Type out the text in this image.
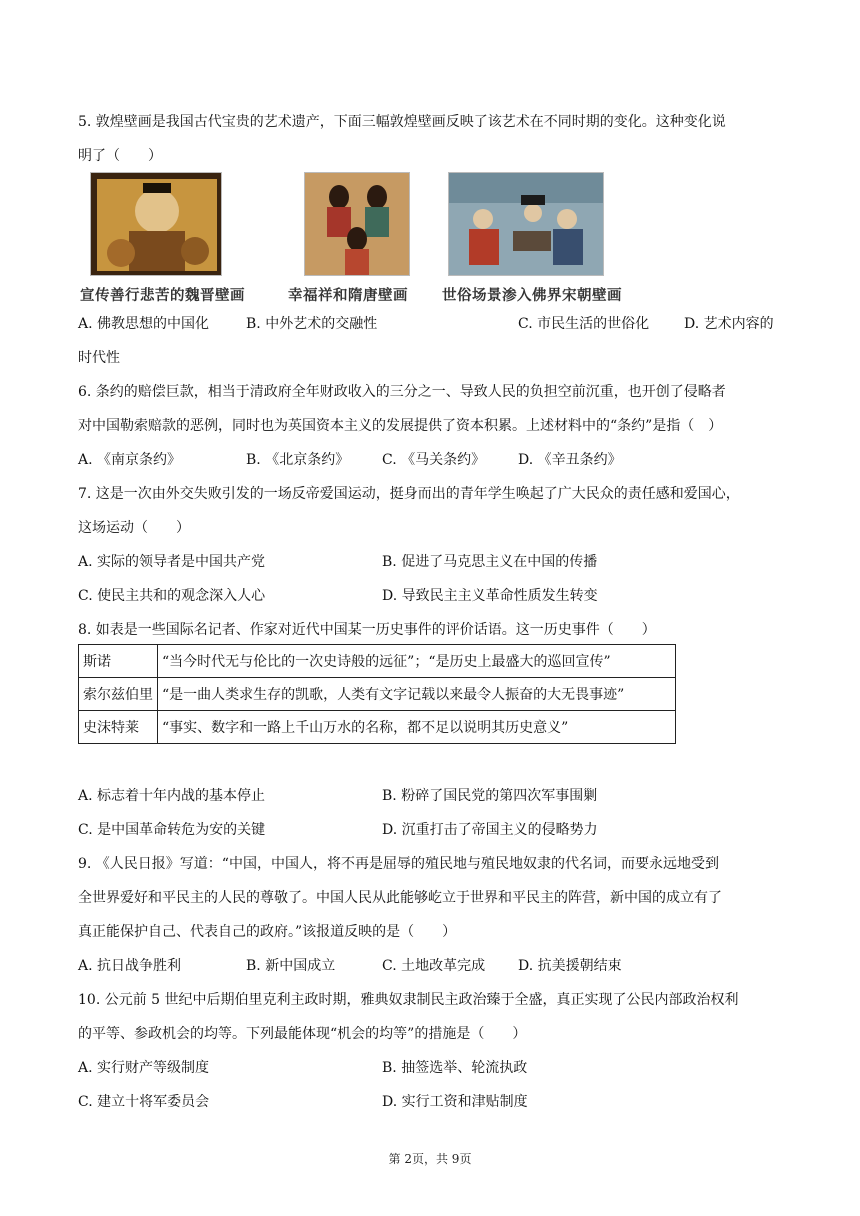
5. 敦煌壁画是我国古代宝贵的艺术遗产，下面三幅敦煌壁画反映了该艺术在不同时期的变化。这种变化说
明了（　　）
宣传善行悲苦的魏晋壁画	幸福祥和隋唐壁画 世俗场景渗入佛界宋朝壁画
A. 佛教思想的中国化	B. 中外艺术的交融性	C. 市民生活的世俗化 D. 艺术内容的
时代性
6. 条约的赔偿巨款，相当于清政府全年财政收入的三分之一、导致人民的负担空前沉重，也开创了侵略者
对中国勒索赔款的恶例，同时也为英国资本主义的发展提供了资本积累。上述材料中的“条约”是指（　）
A. 《南京条约》	B. 《北京条约》 C. 《马关条约》 D. 《辛丑条约》
7. 这是一次由外交失败引发的一场反帝爱国运动，挺身而出的青年学生唤起了广大民众的责任感和爱国心，
这场运动（　　）
A. 实际的领导者是中国共产党	B. 促进了马克思主义在中国的传播
C. 使民主共和的观念深入人心	D. 导致民主主义革命性质发生转变
8. 如表是一些国际名记者、作家对近代中国某一历史事件的评价话语。这一历史事件（　　）
斯诺	“当今时代无与伦比的一次史诗般的远征”；“是历史上最盛大的巡回宣传”
索尔兹伯里	“是一曲人类求生存的凯歌，人类有文字记载以来最令人振奋的大无畏事迹”
史沫特莱	“事实、数字和一路上千山万水的名称，都不足以说明其历史意义”
A. 标志着十年内战的基本停止	B. 粉碎了国民党的第四次军事围剿
C. 是中国革命转危为安的关键	D. 沉重打击了帝国主义的侵略势力
9. 《人民日报》写道：“中国，中国人，将不再是屈辱的殖民地与殖民地奴隶的代名词，而要永远地受到
全世界爱好和平民主的人民的尊敬了。中国人民从此能够屹立于世界和平民主的阵营，新中国的成立有了
真正能保护自己、代表自己的政府。”该报道反映的是（　　）
A. 抗日战争胜利	B. 新中国成立	C. 土地改革完成 D. 抗美援朝结束
10. 公元前 5 世纪中后期伯里克利主政时期，雅典奴隶制民主政治臻于全盛，真正实现了公民内部政治权利
的平等、参政机会的均等。下列最能体现“机会的均等”的措施是（　　）
A. 实行财产等级制度	B. 抽签选举、轮流执政
C. 建立十将军委员会	D. 实行工资和津贴制度
第 2页，共 9页
